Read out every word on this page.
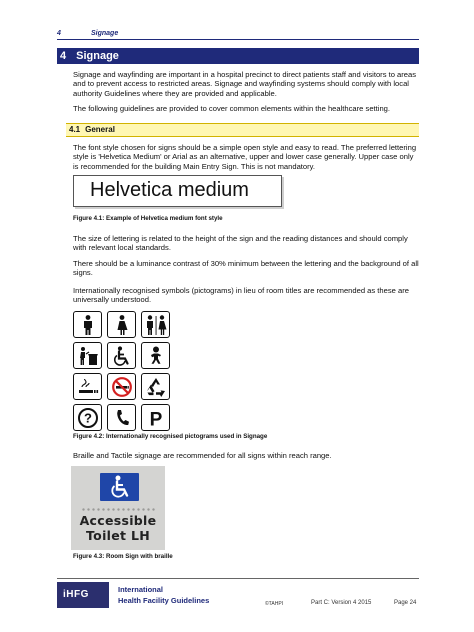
4	Signage
4 Signage
Signage and wayfinding are important in a hospital precinct to direct patients staff and visitors to areas and to prevent access to restricted areas. Signage and wayfinding systems should comply with local authority Guidelines where they are provided and applicable.
The following guidelines are provided to cover common elements within the healthcare setting.
4.1 General
The font style chosen for signs should be a simple open style and easy to read. The preferred lettering style is 'Helvetica Medium' or Arial as an alternative, upper and lower case generally. Upper case only is recommended for the building Main Entry Sign. This is not mandatory.
Helvetica medium
Figure 4.1: Example of Helvetica medium font style
The size of lettering is related to the height of the sign and the reading distances and should comply with relevant local standards.
There should be a luminance contrast of 30% minimum between the lettering and the background of all signs.
Internationally recognised symbols (pictograms) in lieu of room titles are recommended as these are universally understood.
?	P
Figure 4.2: Internationally recognised pictograms used in Signage
Braille and Tactile signage are recommended for all signs within reach range.
Accessible
Toilet LH
Figure 4.3: Room Sign with braille
iHFG	International
Health Facility Guidelines	©TAHPI	Part C: Version 4 2015	Page 24
